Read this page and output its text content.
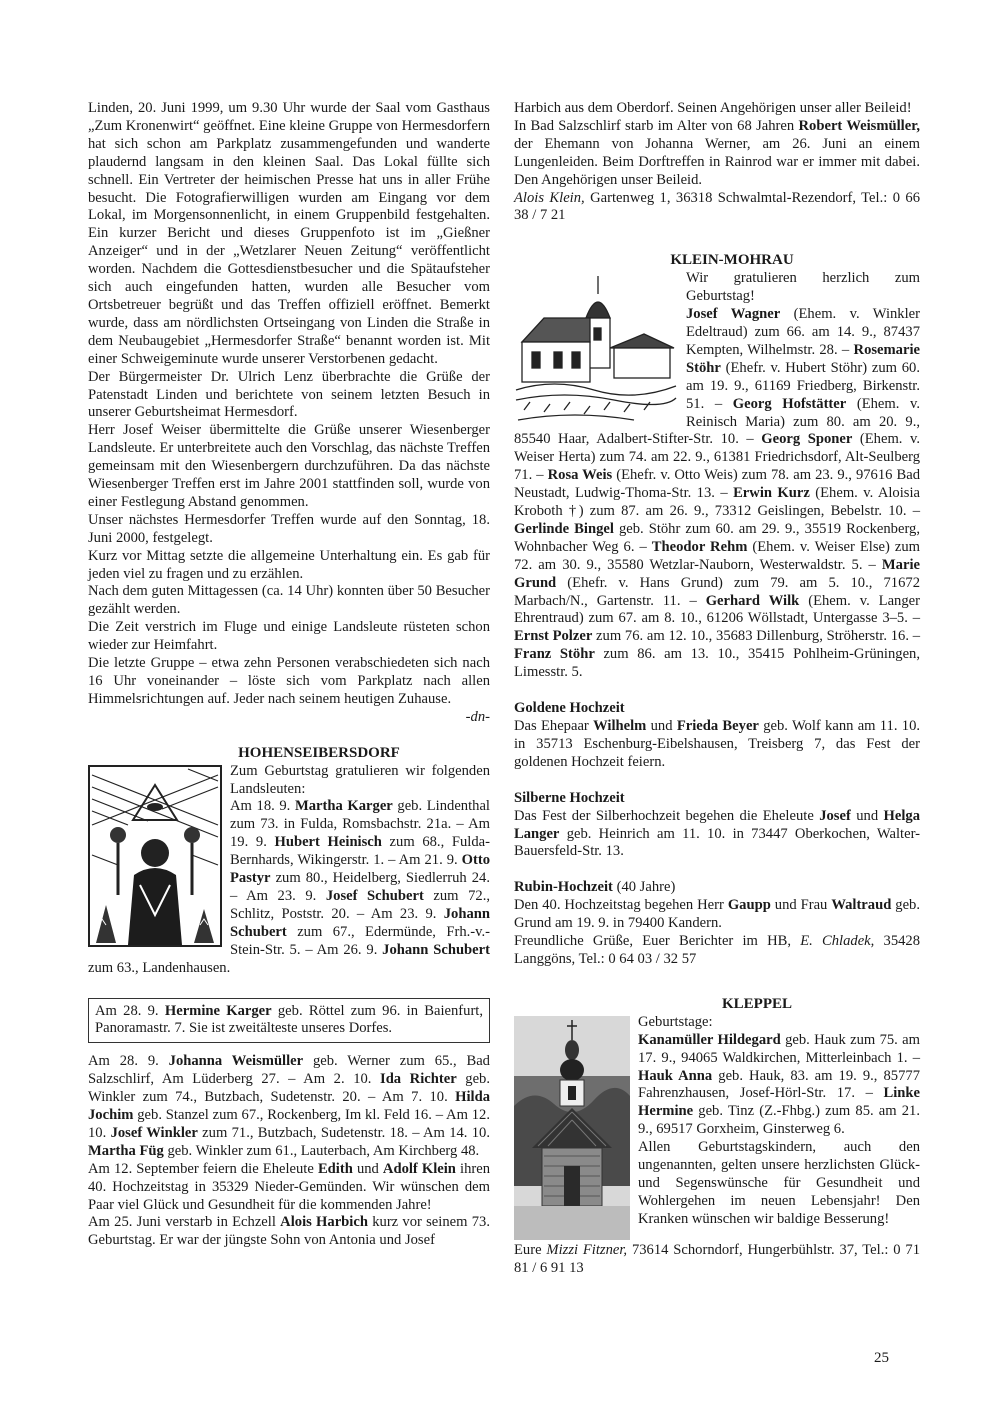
Linden, 20. Juni 1999, um 9.30 Uhr wurde der Saal vom Gasthaus „Zum Kronenwirt“ geöffnet. Eine kleine Gruppe von Hermesdorfern hat sich schon am Parkplatz zusammengefunden und wanderte plaudernd langsam in den kleinen Saal. Das Lokal füllte sich schnell. Ein Vertreter der heimischen Presse hat uns in aller Frühe besucht. Die Fotografierwilligen wurden am Eingang vor dem Lokal, im Morgensonnenlicht, in einem Gruppenbild festgehalten. Ein kurzer Bericht und dieses Gruppenfoto ist im „Gießner Anzeiger“ und in der „Wetzlarer Neuen Zeitung“ veröffentlicht worden. Nachdem die Gottesdienstbesucher und die Spätaufsteher sich auch eingefunden hatten, wurden alle Besucher vom Ortsbetreuer begrüßt und das Treffen offiziell eröffnet. Bemerkt wurde, dass am nördlichsten Ortseingang von Linden die Straße in dem Neubaugebiet „Hermesdorfer Straße“ benannt worden ist. Mit einer Schweigeminute wurde unserer Verstorbenen gedacht.

Der Bürgermeister Dr. Ulrich Lenz überbrachte die Grüße der Patenstadt Linden und berichtete von seinem letzten Besuch in unserer Geburtsheimat Hermesdorf.

Herr Josef Weiser übermittelte die Grüße unserer Wiesenberger Landsleute. Er unterbreitete auch den Vorschlag, das nächste Treffen gemeinsam mit den Wiesenbergern durchzuführen. Da das nächste Wiesenberger Treffen erst im Jahre 2001 stattfinden soll, wurde von einer Festlegung Abstand genommen.

Unser nächstes Hermesdorfer Treffen wurde auf den Sonntag, 18. Juni 2000, festgelegt.

Kurz vor Mittag setzte die allgemeine Unterhaltung ein. Es gab für jeden viel zu fragen und zu erzählen.

Nach dem guten Mittagessen (ca. 14 Uhr) konnten über 50 Besucher gezählt werden.

Die Zeit verstrich im Fluge und einige Landsleute rüsteten schon wieder zur Heimfahrt.

Die letzte Gruppe – etwa zehn Personen verabschiedeten sich nach 16 Uhr voneinander – löste sich vom Parkplatz nach allen Himmelsrichtungen auf. Jeder nach seinem heutigen Zuhause.

-dn-

HOHENSEIBERSDORF

Zum Geburtstag gratulieren wir folgenden Landsleuten:
Am 18. 9. Martha Karger geb. Lindenthal zum 73. in Fulda, Romsbachstr. 21a. – Am 19. 9. Hubert Heinisch zum 68., Fulda-Bernhards, Wikingerstr. 1. – Am 21. 9. Otto Pastyr zum 80., Heidelberg, Siedlerruh 24. – Am 23. 9. Josef Schubert zum 72., Schlitz, Poststr. 20. – Am 23. 9. Johann Schubert zum 67., Edermünde, Frh.-v.-Stein-Str. 5. – Am 26. 9. Johann Schubert zum 63., Landenhausen.

Am 28. 9. Hermine Karger geb. Röttel zum 96. in Baienfurt, Panoramastr. 7. Sie ist zweitälteste unseres Dorfes.

Am 28. 9. Johanna Weismüller geb. Werner zum 65., Bad Salzschlirf, Am Lüderberg 27. – Am 2. 10. Ida Richter geb. Winkler zum 74., Butzbach, Sudetenstr. 20. – Am 7. 10. Hilda Jochim geb. Stanzel zum 67., Rockenberg, Im kl. Feld 16. – Am 12. 10. Josef Winkler zum 71., Butzbach, Sudetenstr. 18. – Am 14. 10. Martha Füg geb. Winkler zum 61., Lauterbach, Am Kirchberg 48.

Am 12. September feiern die Eheleute Edith und Adolf Klein ihren 40. Hochzeitstag in 35329 Nieder-Gemünden. Wir wünschen dem Paar viel Glück und Gesundheit für die kommenden Jahre!

Am 25. Juni verstarb in Echzell Alois Harbich kurz vor seinem 73. Geburtstag. Er war der jüngste Sohn von Antonia und Josef

Harbich aus dem Oberdorf. Seinen Angehörigen unser aller Beileid!

In Bad Salzschlirf starb im Alter von 68 Jahren Robert Weismüller, der Ehemann von Johanna Werner, am 26. Juni an einem Lungenleiden. Beim Dorftreffen in Rainrod war er immer mit dabei. Den Angehörigen unser Beileid.

Alois Klein, Gartenweg 1, 36318 Schwalmtal-Rezendorf, Tel.: 0 66 38 / 7 21

KLEIN-MOHRAU

Wir gratulieren herzlich zum Geburtstag!
Josef Wagner (Ehem. v. Winkler Edeltraud) zum 66. am 14. 9., 87437 Kempten, Wilhelmstr. 28. – Rosemarie Stöhr (Ehefr. v. Hubert Stöhr) zum 60. am 19. 9., 61169 Friedberg, Birkenstr. 51. – Georg Hofstätter (Ehem. v. Reinisch Maria) zum 80. am 20. 9., 85540 Haar, Adalbert-Stifter-Str. 10. – Georg Sponer (Ehem. v. Weiser Herta) zum 74. am 22. 9., 61381 Friedrichsdorf, Alt-Seulberg 71. – Rosa Weis (Ehefr. v. Otto Weis) zum 78. am 23. 9., 97616 Bad Neustadt, Ludwig-Thoma-Str. 13. – Erwin Kurz (Ehem. v. Aloisia Kroboth †) zum 87. am 26. 9., 73312 Geislingen, Bebelstr. 10. – Gerlinde Bingel geb. Stöhr zum 60. am 29. 9., 35519 Rockenberg, Wohnbacher Weg 6. – Theodor Rehm (Ehem. v. Weiser Else) zum 72. am 30. 9., 35580 Wetzlar-Nauborn, Westerwaldstr. 5. – Marie Grund (Ehefr. v. Hans Grund) zum 79. am 5. 10., 71672 Marbach/N., Gartenstr. 11. – Gerhard Wilk (Ehem. v. Langer Ehrentraud) zum 67. am 8. 10., 61206 Wöllstadt, Untergasse 3–5. – Ernst Polzer zum 76. am 12. 10., 35683 Dillenburg, Ströherstr. 16. – Franz Stöhr zum 86. am 13. 10., 35415 Pohlheim-Grüningen, Limesstr. 5.

Goldene Hochzeit

Das Ehepaar Wilhelm und Frieda Beyer geb. Wolf kann am 11. 10. in 35713 Eschenburg-Eibelshausen, Treisberg 7, das Fest der goldenen Hochzeit feiern.

Silberne Hochzeit

Das Fest der Silberhochzeit begehen die Eheleute Josef und Helga Langer geb. Heinrich am 11. 10. in 73447 Oberkochen, Walter-Bauersfeld-Str. 13.

Rubin-Hochzeit (40 Jahre)

Den 40. Hochzeitstag begehen Herr Gaupp und Frau Waltraud geb. Grund am 19. 9. in 79400 Kandern.

Freundliche Grüße, Euer Berichter im HB, E. Chladek, 35428 Langgöns, Tel.: 0 64 03 / 32 57

KLEPPEL

Geburtstage:
Kanamüller Hildegard geb. Hauk zum 75. am 17. 9., 94065 Waldkirchen, Mitterleinbach 1. – Hauk Anna geb. Hauk, 83. am 19. 9., 85777 Fahrenzhausen, Josef-Hörl-Str. 17. – Linke Hermine geb. Tinz (Z.-Fhbg.) zum 85. am 21. 9., 69517 Gorxheim, Ginsterweg 6.

Allen Geburtstagskindern, auch den ungenannten, gelten unsere herzlichsten Glück- und Segenswünsche für Gesundheit und Wohlergehen im neuen Lebensjahr! Den Kranken wünschen wir baldige Besserung!

Eure Mizzi Fitzner, 73614 Schorndorf, Hungerbühlstr. 37, Tel.: 0 71 81 / 6 91 13

25
